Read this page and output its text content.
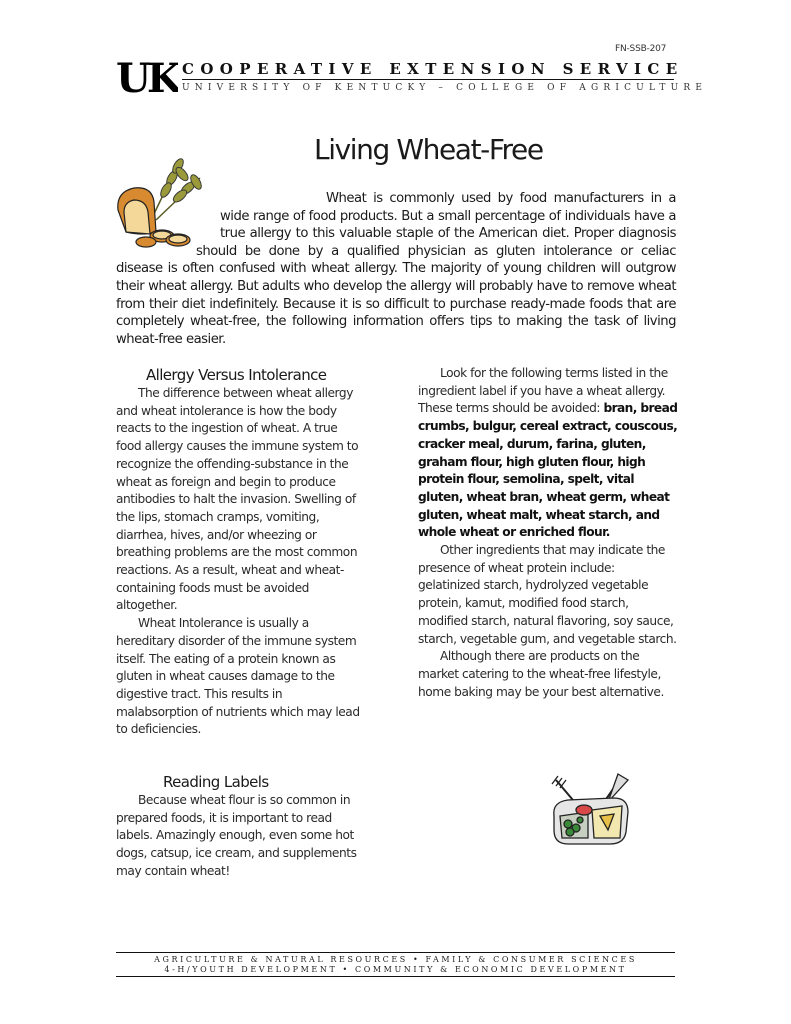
FN-SSB-207
UK COOPERATIVE EXTENSION SERVICE
UNIVERSITY OF KENTUCKY – COLLEGE OF AGRICULTURE
Living Wheat-Free

Wheat is commonly used by food manufacturers in a wide range of food products. But a small percentage of individuals have a true allergy to this valuable staple of the American diet. Proper diagnosis should be done by a qualified physician as gluten intolerance or celiac disease is often confused with wheat allergy. The majority of young children will outgrow their wheat allergy. But adults who develop the allergy will probably have to remove wheat from their diet indefinitely. Because it is so difficult to purchase ready-made foods that are completely wheat-free, the following information offers tips to making the task of living wheat-free easier.

Allergy Versus Intolerance

The difference between wheat allergy and wheat intolerance is how the body reacts to the ingestion of wheat. A true food allergy causes the immune system to recognize the offending-substance in the wheat as foreign and begin to produce antibodies to halt the invasion. Swelling of the lips, stomach cramps, vomiting, diarrhea, hives, and/or wheezing or breathing problems are the most common reactions. As a result, wheat and wheat-containing foods must be avoided altogether.

Wheat Intolerance is usually a hereditary disorder of the immune system itself. The eating of a protein known as gluten in wheat causes damage to the digestive tract. This results in malabsorption of nutrients which may lead to deficiencies.

Reading Labels

Because wheat flour is so common in prepared foods, it is important to read labels. Amazingly enough, even some hot dogs, catsup, ice cream, and supplements may contain wheat!

Look for the following terms listed in the ingredient label if you have a wheat allergy. These terms should be avoided: bran, bread crumbs, bulgur, cereal extract, couscous, cracker meal, durum, farina, gluten, graham flour, high gluten flour, high protein flour, semolina, spelt, vital gluten, wheat bran, wheat germ, wheat gluten, wheat malt, wheat starch, and whole wheat or enriched flour.

Other ingredients that may indicate the presence of wheat protein include: gelatinized starch, hydrolyzed vegetable protein, kamut, modified food starch, modified starch, natural flavoring, soy sauce, starch, vegetable gum, and vegetable starch.

Although there are products on the market catering to the wheat-free lifestyle, home baking may be your best alternative.

AGRICULTURE & NATURAL RESOURCES • FAMILY & CONSUMER SCIENCES
4-H/YOUTH DEVELOPMENT • COMMUNITY & ECONOMIC DEVELOPMENT
